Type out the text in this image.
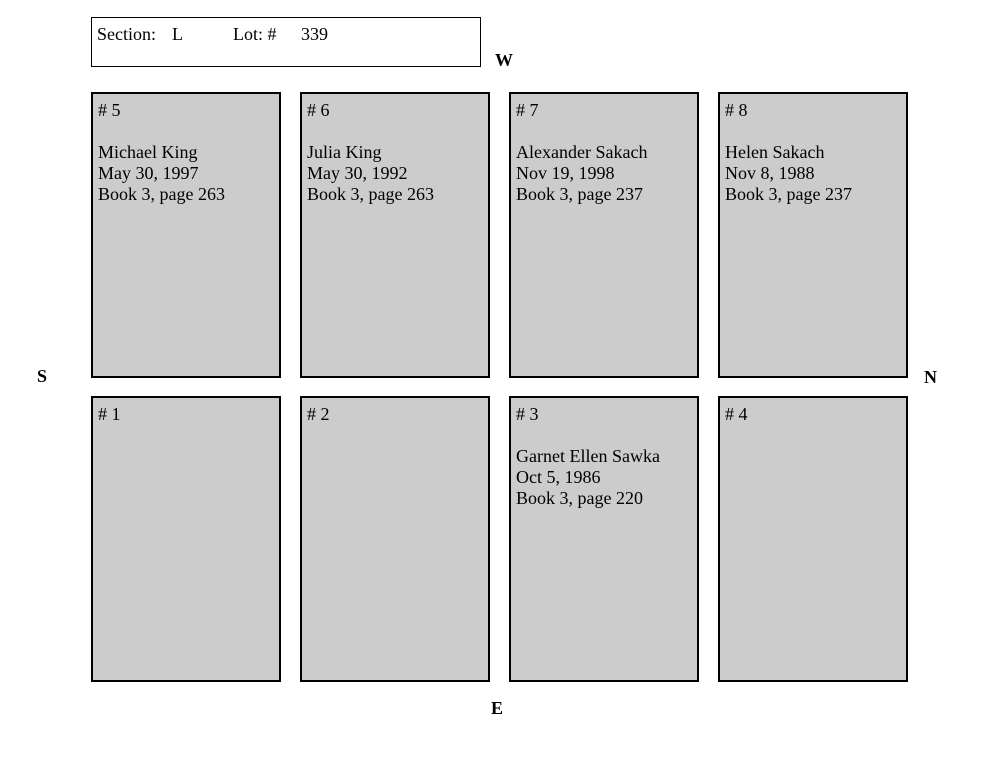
Section: L	Lot: # 339
W
E
S	N
# 5
Michael King
May 30, 1997
Book 3, page 263
# 6
Julia King
May 30, 1992
Book 3, page 263
# 7
Alexander Sakach
Nov 19, 1998
Book 3, page 237
# 8
Helen Sakach
Nov 8, 1988
Book 3, page 237
# 1	# 2	# 3
Garnet Ellen Sawka
Oct 5, 1986
Book 3, page 220
# 4
